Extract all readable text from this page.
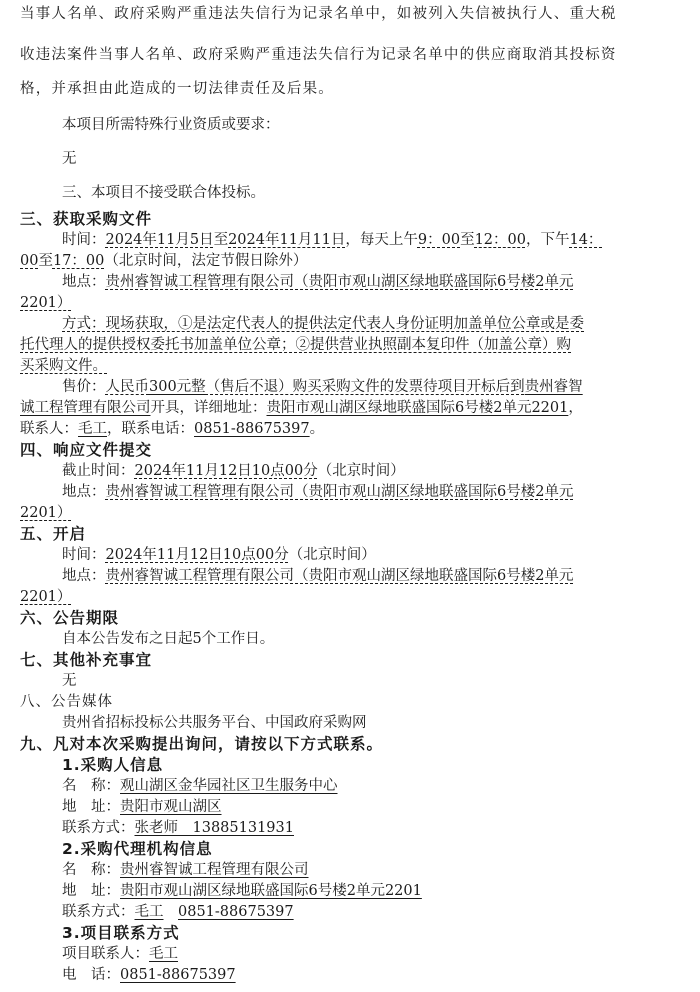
当事人名单、政府采购严重违法失信行为记录名单中，如被列入失信被执行人、重大税
收违法案件当事人名单、政府采购严重违法失信行为记录名单中的供应商取消其投标资
格，并承担由此造成的一切法律责任及后果。
本项目所需特殊行业资质或要求：
无
三、本项目不接受联合体投标。
三、获取采购文件
时间：2024年11月5日至2024年11月11日，每天上午9：00至12：00，下午14：
00至17：00（北京时间，法定节假日除外）
地点：贵州睿智诚工程管理有限公司（贵阳市观山湖区绿地联盛国际6号楼2单元
2201）
方式：现场获取，①是法定代表人的提供法定代表人身份证明加盖单位公章或是委
托代理人的提供授权委托书加盖单位公章；②提供营业执照副本复印件（加盖公章）购
买采购文件。
售价：人民币300元整（售后不退）购买采购文件的发票待项目开标后到贵州睿智
诚工程管理有限公司开具，详细地址：贵阳市观山湖区绿地联盛国际6号楼2单元2201，
联系人：毛工，联系电话：0851-88675397。
四、响应文件提交
截止时间：2024年11月12日10点00分（北京时间）
地点：贵州睿智诚工程管理有限公司（贵阳市观山湖区绿地联盛国际6号楼2单元
2201）
五、开启
时间：2024年11月12日10点00分（北京时间）
地点：贵州睿智诚工程管理有限公司（贵阳市观山湖区绿地联盛国际6号楼2单元
2201）
六、公告期限
自本公告发布之日起5个工作日。
七、其他补充事宜
无
八、公告媒体
贵州省招标投标公共服务平台、中国政府采购网
九、凡对本次采购提出询问，请按以下方式联系。
1.采购人信息
名　称：观山湖区金华园社区卫生服务中心
地　址：贵阳市观山湖区
联系方式：张老师　13885131931
2.采购代理机构信息
名　称：贵州睿智诚工程管理有限公司
地　址：贵阳市观山湖区绿地联盛国际6号楼2单元2201
联系方式：毛工　 0851-88675397
3.项目联系方式
项目联系人：毛工
电　话：0851-88675397
